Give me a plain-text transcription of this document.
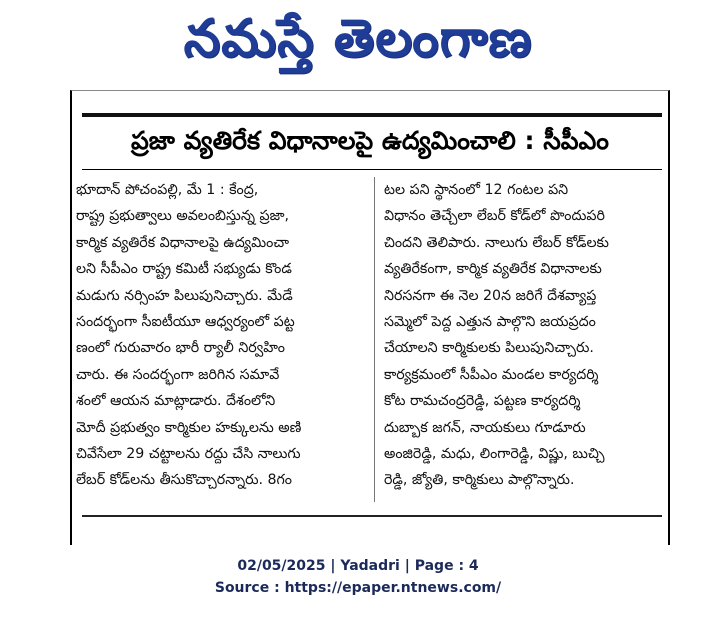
నమస్తే తెలంగాణ
ప్రజా వ్యతిరేక విధానాలపై ఉద్యమించాలి : సీపీఎం

భూదాన్ పోచంపల్లి, మే 1 : కేంద్ర,

రాష్ట్ర ప్రభుత్వాలు అవలంబిస్తున్న ప్రజా,

కార్మిక వ్యతిరేక విధానాలపై ఉద్యమించా

లని సీపీఎం రాష్ట్ర కమిటీ సభ్యుడు కొండ

మడుగు నర్సింహ పిలుపునిచ్చారు. మేడే

సందర్భంగా సీఐటీయూ ఆధ్వర్యంలో పట్ట

ణంలో గురువారం భారీ ర్యాలీ నిర్వహిం

చారు. ఈ సందర్భంగా జరిగిన సమావే

శంలో ఆయన మాట్లాడారు. దేశంలోని

మోదీ ప్రభుత్వం కార్మికుల హక్కులను అణి

చివేసేలా 29 చట్టాలను రద్దు చేసి నాలుగు

లేబర్ కోడ్‌లను తీసుకొచ్చారన్నారు. 8గం

టల పని స్థానంలో 12 గంటల పని

విధానం తెచ్చేలా లేబర్ కోడ్‌లో పొందుపరి

చిందని తెలిపారు. నాలుగు లేబర్ కోడ్‌లకు

వ్యతిరేకంగా, కార్మిక వ్యతిరేక విధానాలకు

నిరసనగా ఈ నెల 20న జరిగే దేశవ్యాప్త

సమ్మెలో పెద్ద ఎత్తున పాల్గొని జయప్రదం

చేయాలని కార్మికులకు పిలుపునిచ్చారు.

కార్యక్రమంలో సీపీఎం మండల కార్యదర్శి

కోట రామచంద్రరెడ్డి, పట్టణ కార్యదర్శి

దుబ్బాక జగన్, నాయకులు గూడూరు

అంజిరెడ్డి, మధు, లింగారెడ్డి, విష్ణు, బుచ్చి

రెడ్డి, జ్యోతి, కార్మికులు పాల్గొన్నారు.

02/05/2025 | Yadadri | Page : 4
Source : https://epaper.ntnews.com/
